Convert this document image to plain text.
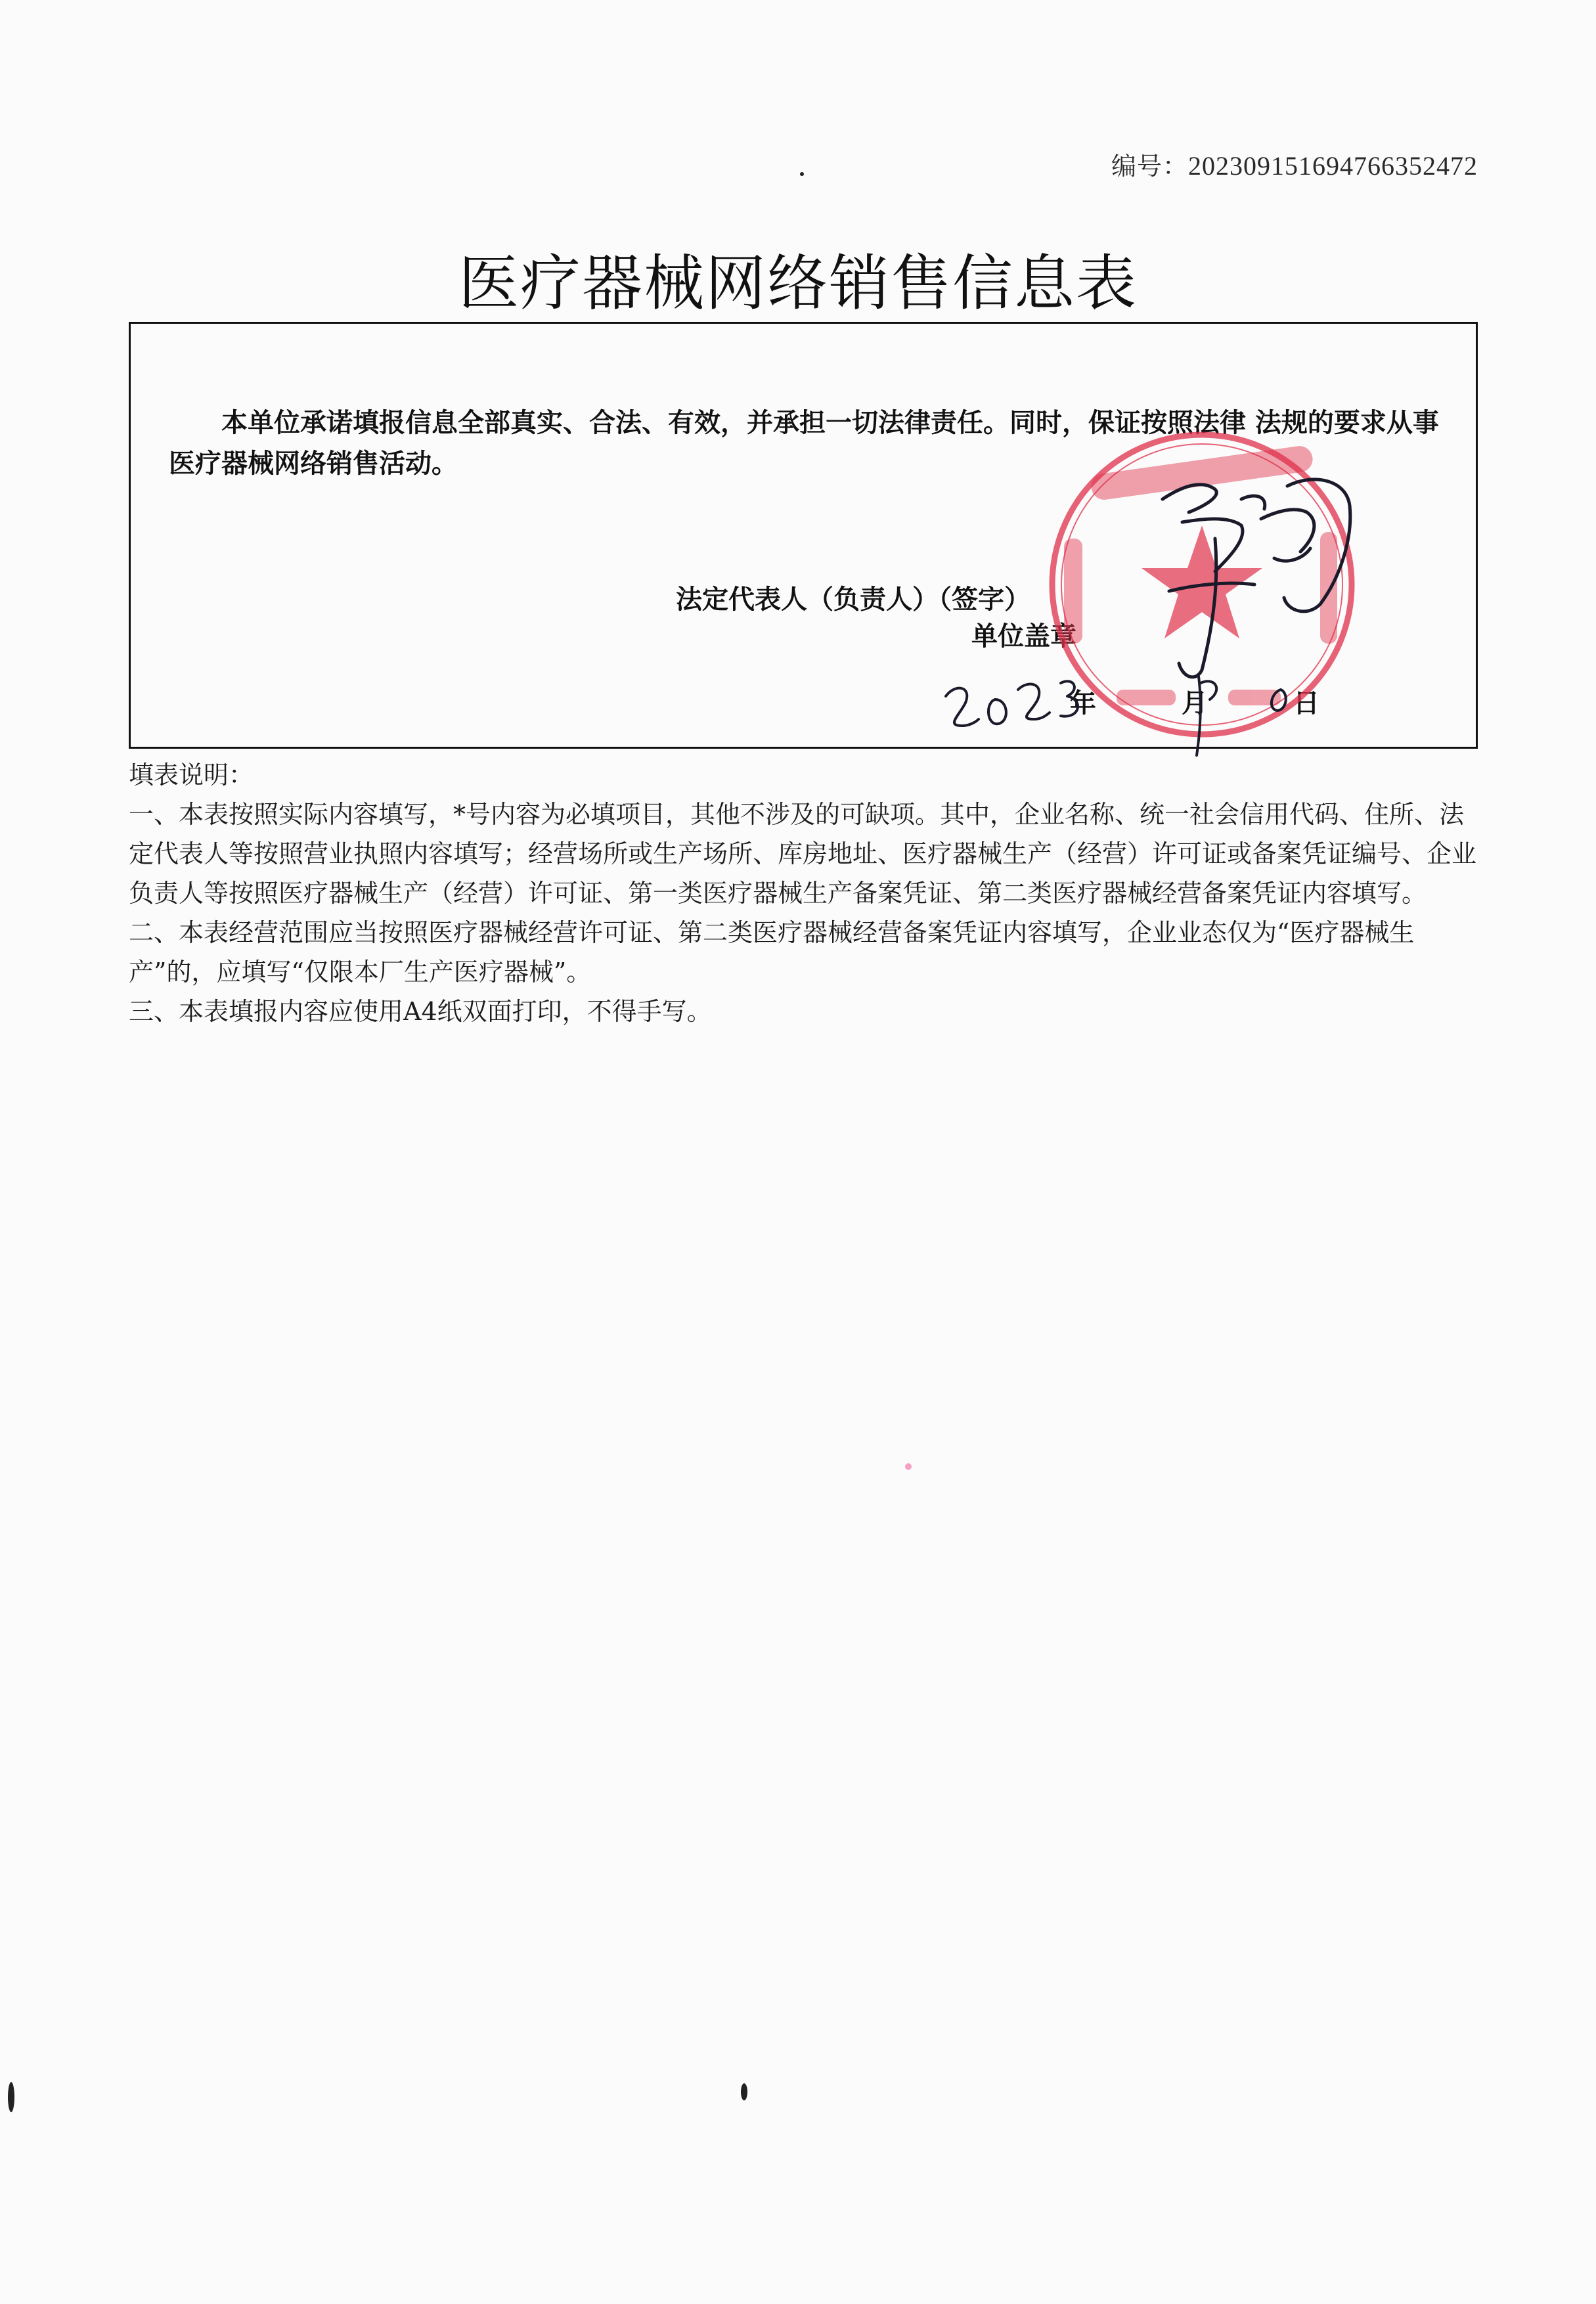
编号：2023091516947663524​72
医疗器械网络销售信息表
本单位承诺填报信息全部真实、合法、有效，并承担一切法律责任。同时，保证按照法律 法规的要求从事医疗器械网络销售活动。
法定代表人（负责人）（签字）
单位盖章
年	月	日

填表说明：

一、本表按照实际内容填写，*号内容为必填项目，其他不涉及的可缺项。其中，企业名称、统一社会信用代码、住所、法定代表人等按照营业执照内容填写；经营场所或生产场所、库房地址、医疗器械生产（经营）许可证或备案凭证编号、企业负责人等按照医疗器械生产（经营）许可证、第一类医疗器械生产备案凭证、第二类医疗器械经营备案凭证内容填写。

二、本表经营范围应当按照医疗器械经营许可证、第二类医疗器械经营备案凭证内容填写，企业业态仅为“医疗器械生产”的，应填写“仅限本厂生产医疗器械”。

三、本表填报内容应使用A4纸双面打印，不得手写。
